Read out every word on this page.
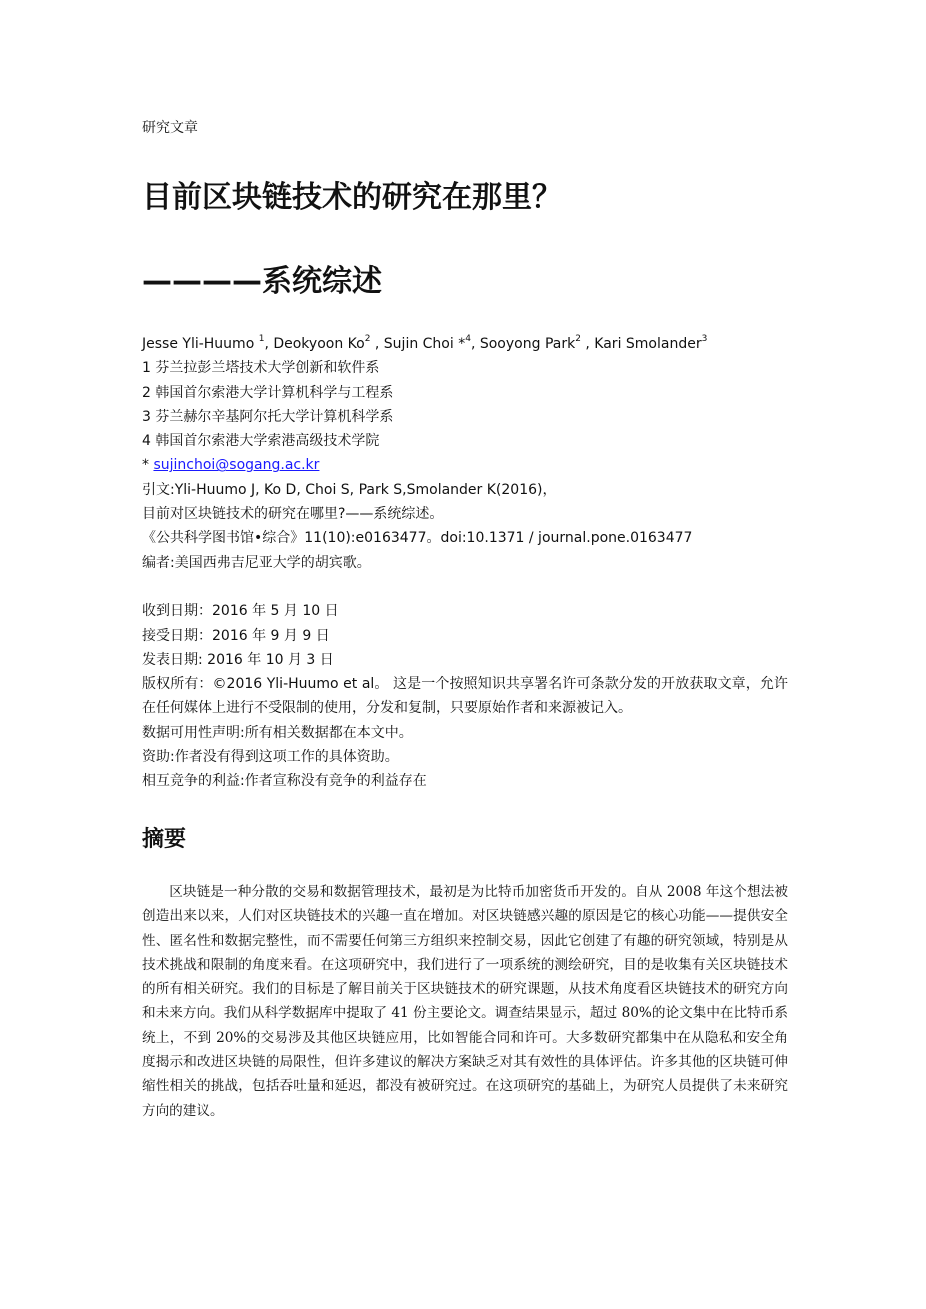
研究文章
目前区块链技术的研究在那里？
————系统综述
Jesse Yli-Huumo $^1$, Deokyoon Ko$^2$ , Sujin Choi *$^4$, Sooyong Park$^2$ , Kari Smolander$^3$
1 芬兰拉彭兰塔技术大学创新和软件系
2 韩国首尔索港大学计算机科学与工程系
3 芬兰赫尔辛基阿尔托大学计算机科学系
4 韩国首尔索港大学索港高级技术学院
* sujinchoi@sogang.ac.kr
引文:Yli-Huumo J, Ko D, Choi S, Park S,Smolander K(2016)，
目前对区块链技术的研究在哪里?——系统综述。
《公共科学图书馆•综合》11(10):e0163477。doi:10.1371 / journal.pone.0163477
编者:美国西弗吉尼亚大学的胡宾歌。
收到日期：2016 年 5 月 10 日
接受日期：2016 年 9 月 9 日
发表日期: 2016 年 10 月 3 日
版权所有：©2016 Yli-Huumo et al。 这是一个按照知识共享署名许可条款分发的开放获取文章，允许在任何媒体上进行不受限制的使用，分发和复制，只要原始作者和来源被记入。
数据可用性声明:所有相关数据都在本文中。
资助:作者没有得到这项工作的具体资助。
相互竞争的利益:作者宣称没有竞争的利益存在
摘要

区块链是一种分散的交易和数据管理技术，最初是为比特币加密货币开发的。自从 2008 年这个想法被创造出来以来，人们对区块链技术的兴趣一直在增加。对区块链感兴趣的原因是它的核心功能——提供安全性、匿名性和数据完整性，而不需要任何第三方组织来控制交易，因此它创建了有趣的研究领域，特别是从技术挑战和限制的角度来看。在这项研究中，我们进行了一项系统的测绘研究，目的是收集有关区块链技术的所有相关研究。我们的目标是了解目前关于区块链技术的研究课题，从技术角度看区块链技术的研究方向和未来方向。我们从科学数据库中提取了 41 份主要论文。调查结果显示，超过 80%的论文集中在比特币系统上，不到 20%的交易涉及其他区块链应用，比如智能合同和许可。大多数研究都集中在从隐私和安全角度揭示和改进区块链的局限性，但许多建议的解决方案缺乏对其有效性的具体评估。许多其他的区块链可伸缩性相关的挑战，包括吞吐量和延迟，都没有被研究过。在这项研究的基础上，为研究人员提供了未来研究方向的建议。
